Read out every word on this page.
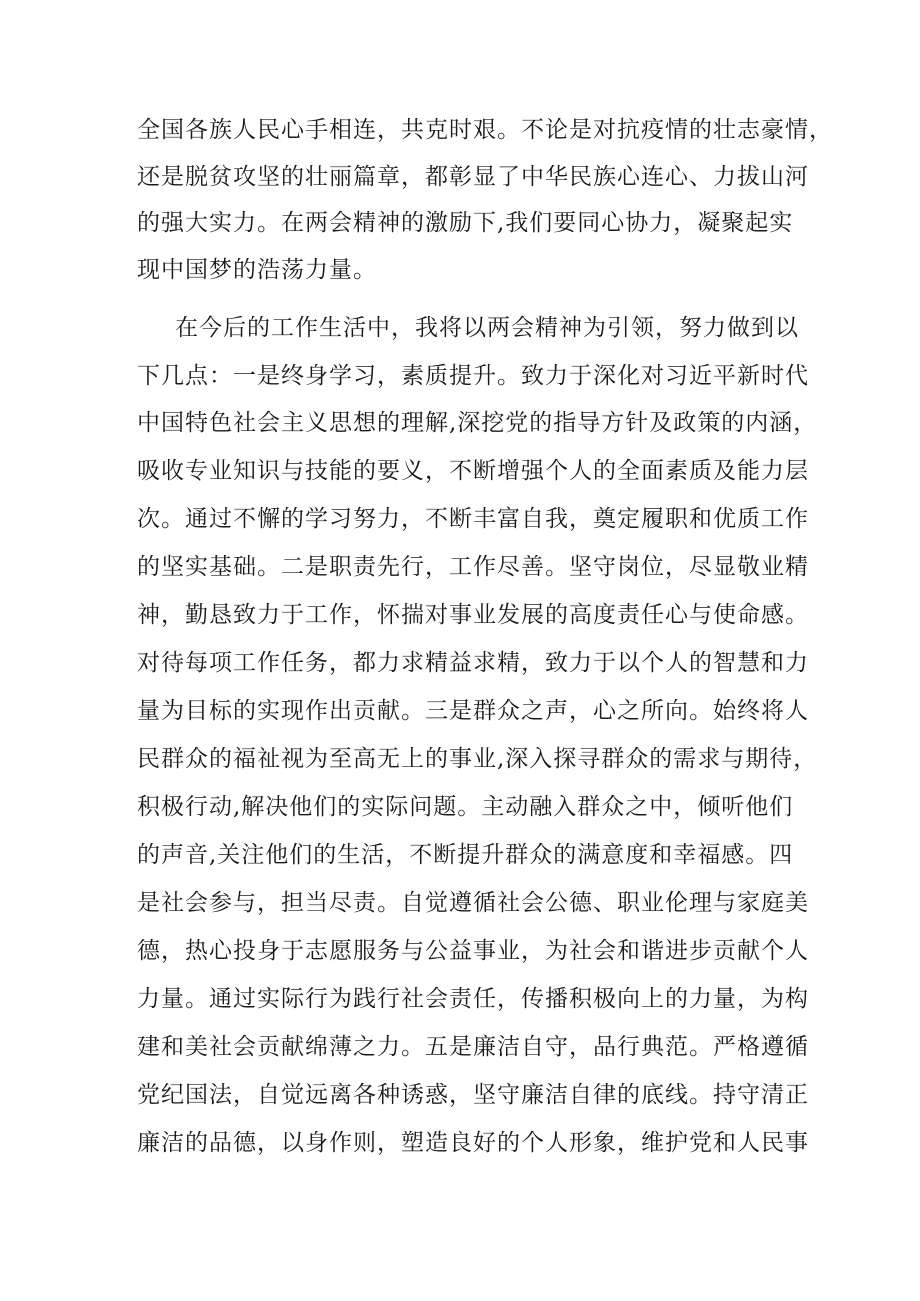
全国各族人民心手相连，共克时艰。不论是对抗疫情的壮志豪情，
还是脱贫攻坚的壮丽篇章，都彰显了中华民族心连心、力拔山河
的强大实力。在两会精神的激励下,我们要同心协力，凝聚起实
现中国梦的浩荡力量。
在今后的工作生活中，我将以两会精神为引领，努力做到以
下几点：一是终身学习，素质提升。致力于深化对习近平新时代
中国特色社会主义思想的理解,深挖党的指导方针及政策的内涵，
吸收专业知识与技能的要义，不断增强个人的全面素质及能力层
次。通过不懈的学习努力，不断丰富自我，奠定履职和优质工作
的坚实基础。二是职责先行，工作尽善。坚守岗位，尽显敬业精
神，勤恳致力于工作，怀揣对事业发展的高度责任心与使命感。
对待每项工作任务，都力求精益求精，致力于以个人的智慧和力
量为目标的实现作出贡献。三是群众之声，心之所向。始终将人
民群众的福祉视为至高无上的事业,深入探寻群众的需求与期待，
积极行动,解决他们的实际问题。主动融入群众之中，倾听他们
的声音,关注他们的生活，不断提升群众的满意度和幸福感。四
是社会参与，担当尽责。自觉遵循社会公德、职业伦理与家庭美
德，热心投身于志愿服务与公益事业，为社会和谐进步贡献个人
力量。通过实际行为践行社会责任，传播积极向上的力量，为构
建和美社会贡献绵薄之力。五是廉洁自守，品行典范。严格遵循
党纪国法，自觉远离各种诱惑，坚守廉洁自律的底线。持守清正
廉洁的品德，以身作则，塑造良好的个人形象，维护党和人民事
